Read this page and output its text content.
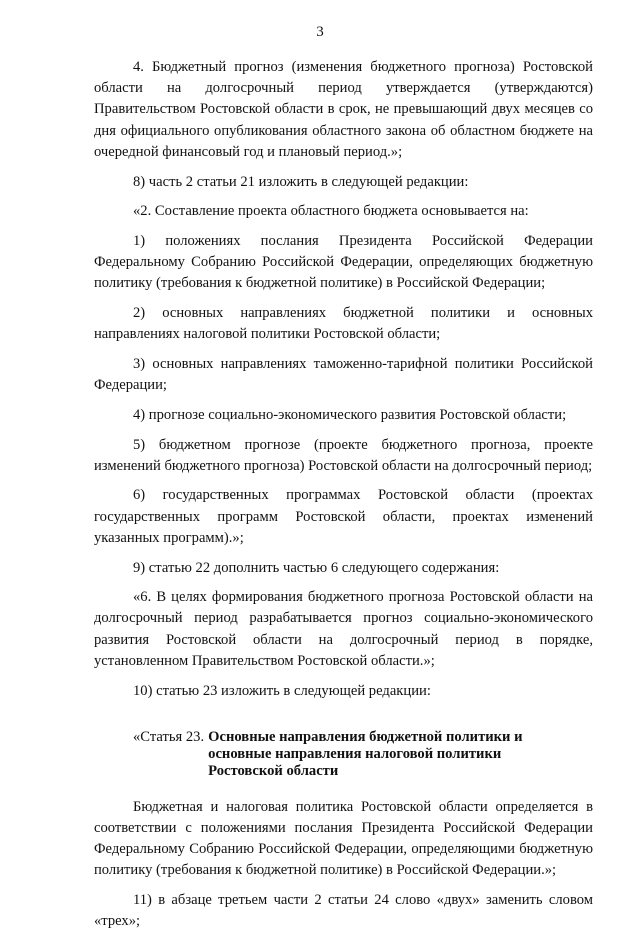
3

4. Бюджетный прогноз (изменения бюджетного прогноза) Ростовской области на долгосрочный период утверждается (утверждаются) Правительством Ростовской области в срок, не превышающий двух месяцев со дня официального опубликования областного закона об областном бюджете на очередной финансовый год и плановый период.»;

8) часть 2 статьи 21 изложить в следующей редакции:

«2. Составление проекта областного бюджета основывается на:

1) положениях послания Президента Российской Федерации Федеральному Собранию Российской Федерации, определяющих бюджетную политику (требования к бюджетной политике) в Российской Федерации;

2) основных направлениях бюджетной политики и основных направлениях налоговой политики Ростовской области;

3) основных направлениях таможенно-тарифной политики Российской Федерации;

4) прогнозе социально-экономического развития Ростовской области;

5) бюджетном прогнозе (проекте бюджетного прогноза, проекте изменений бюджетного прогноза) Ростовской области на долгосрочный период;

6) государственных программах Ростовской области (проектах государственных программ Ростовской области, проектах изменений указанных программ).»;

9) статью 22 дополнить частью 6 следующего содержания:

«6. В целях формирования бюджетного прогноза Ростовской области на долгосрочный период разрабатывается прогноз социально-экономического развития Ростовской области на долгосрочный период в порядке, установленном Правительством Ростовской области.»;

10) статью 23 изложить в следующей редакции:

«Статья 23. Основные направления бюджетной политики и
основные направления налоговой политики
Ростовской области

Бюджетная и налоговая политика Ростовской области определяется в соответствии с положениями послания Президента Российской Федерации Федеральному Собранию Российской Федерации, определяющими бюджетную политику (требования к бюджетной политике) в Российской Федерации.»;

11) в абзаце третьем части 2 статьи 24 слово «двух» заменить словом «трех»;
